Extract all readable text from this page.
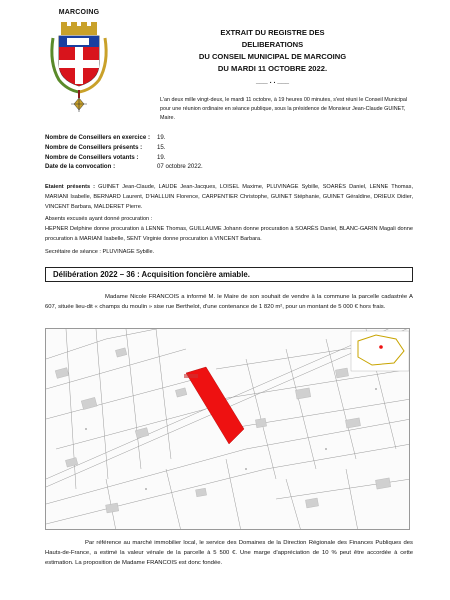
MARCOING
EXTRAIT DU REGISTRE DES DELIBERATIONS
DU CONSEIL MUNICIPAL DE MARCOING
DU MARDI 11 OCTOBRE 2022.
___ . . ___
L'an deux mille vingt-deux, le mardi 11 octobre, à 19 heures 00 minutes, s'est réuni le Conseil Municipal pour une réunion ordinaire en séance publique, sous la présidence de Monsieur Jean-Claude GUINET, Maire.
Nombre de Conseillers en exercice :	19.
Nombre de Conseillers présents :	15.
Nombre de Conseillers votants :	19.
Date de la convocation :	07 octobre 2022.
Etaient présents : GUINET Jean-Claude, LAUDE Jean-Jacques, LOISEL Maxime, PLUVINAGE Sybille, SOARÈS Daniel, LENNE Thomas, MARIANI Isabelle, BERNARD Laurent, D'HALLUIN Florence, CARPENTIER Christophe, GUINET Stéphanie, GUINET Géraldine, DRIEUX Didier, VINCENT Barbara, MALDERET Pierre.
Absents excusés ayant donné procuration :
HEPNER Delphine donne procuration à LENNE Thomas, GUILLAUME Johann donne procuration à SOARÈS Daniel, BLANC-GARIN Magali donne procuration à MARIANI Isabelle, SENT Virginie donne procuration à VINCENT Barbara.
Secrétaire de séance : PLUVINAGE Sybille.
Délibération 2022 – 36 : Acquisition foncière amiable.
Madame Nicole FRANCOIS a informé M. le Maire de son souhait de vendre à la commune la parcelle cadastrée A 607, située lieu-dit « champs du moulin » sise rue Berthelot, d'une contenance de 1 820 m², pour un montant de 5 000 € hors frais.
Par référence au marché immobilier local, le service des Domaines de la Direction Régionale des Finances Publiques des Hauts-de-France, a estimé la valeur vénale de la parcelle à 5 500 €. Une marge d'appréciation de 10 % peut être accordée à cette estimation. La proposition de Madame FRANCOIS est donc fondée.
